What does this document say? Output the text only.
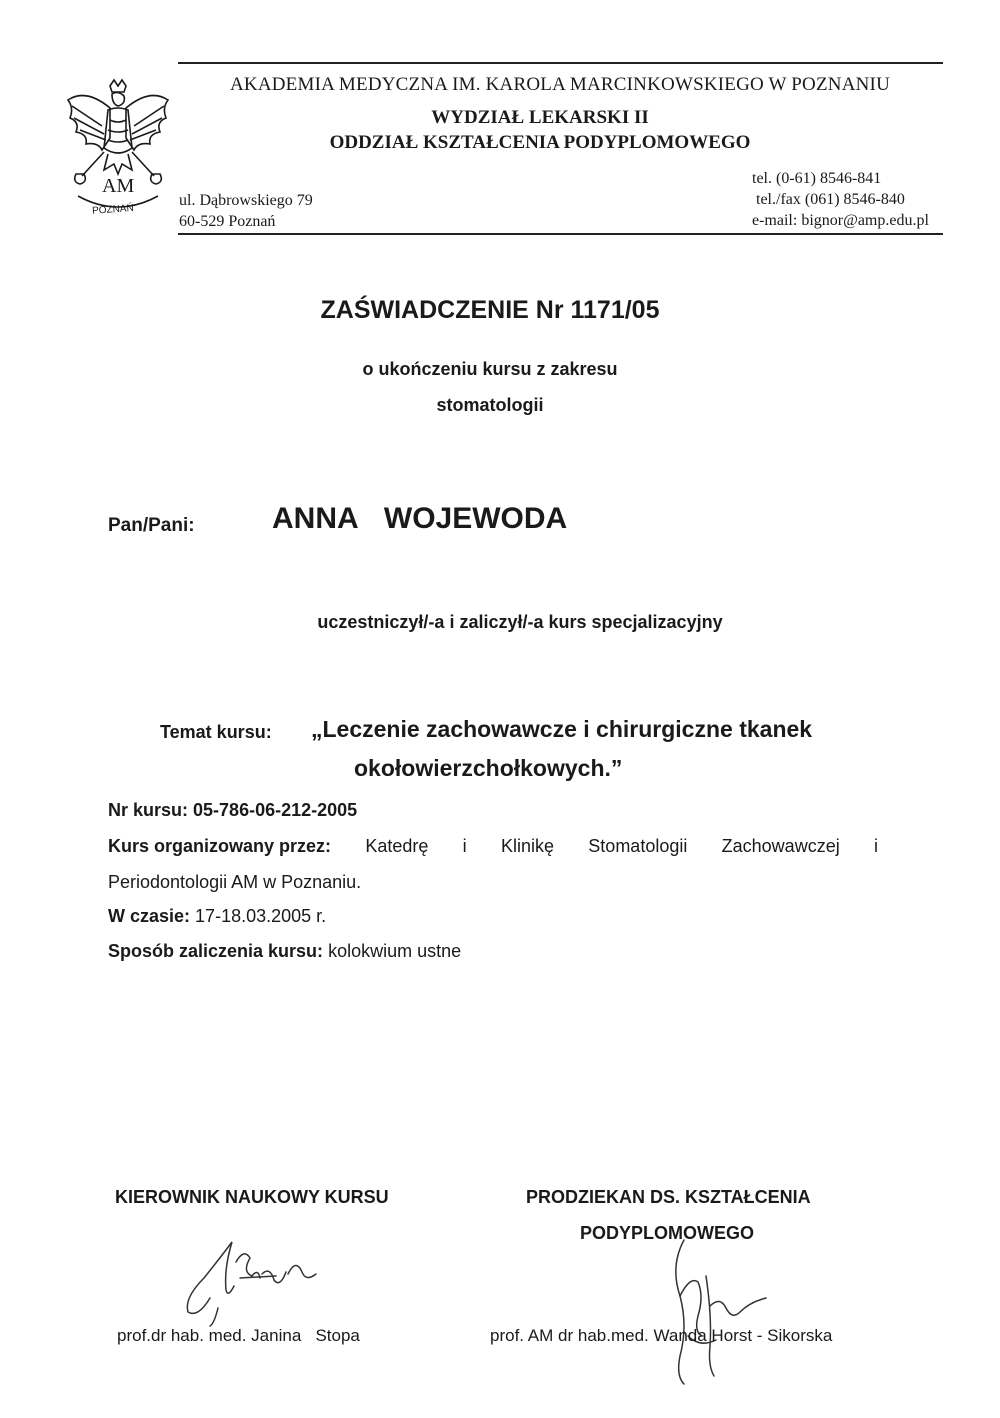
AM
POZNAŃ
AKADEMIA MEDYCZNA IM. KAROLA MARCINKOWSKIEGO W POZNANIU
WYDZIAŁ LEKARSKI II
ODDZIAŁ KSZTAŁCENIA PODYPLOMOWEGO
ul. Dąbrowskiego 79
60-529 Poznań
tel. (0-61) 8546-841
tel./fax (061) 8546-840
e-mail: bignor@amp.edu.pl
ZAŚWIADCZENIE Nr 1171/05
o ukończeniu kursu z zakresu
stomatologii
Pan/Pani:	ANNA WOJEWODA
uczestniczył/-a i zaliczył/-a kurs specjalizacyjny
Temat kursu: „Leczenie zachowawcze i chirurgiczne tkanek
okołowierzchołkowych.”
Nr kursu: 05-786-06-212-2005
Kurs organizowany przez: Katedrę i Klinikę Stomatologii Zachowawczej i
Periodontologii AM w Poznaniu.
W czasie: 17-18.03.2005 r.
Sposób zaliczenia kursu: kolokwium ustne
KIEROWNIK NAUKOWY KURSU	PRODZIEKAN DS. KSZTAŁCENIA
PODYPLOMOWEGO
prof.dr hab. med. Janina   Stopa	prof. AM dr hab.med. Wanda Horst - Sikorska
